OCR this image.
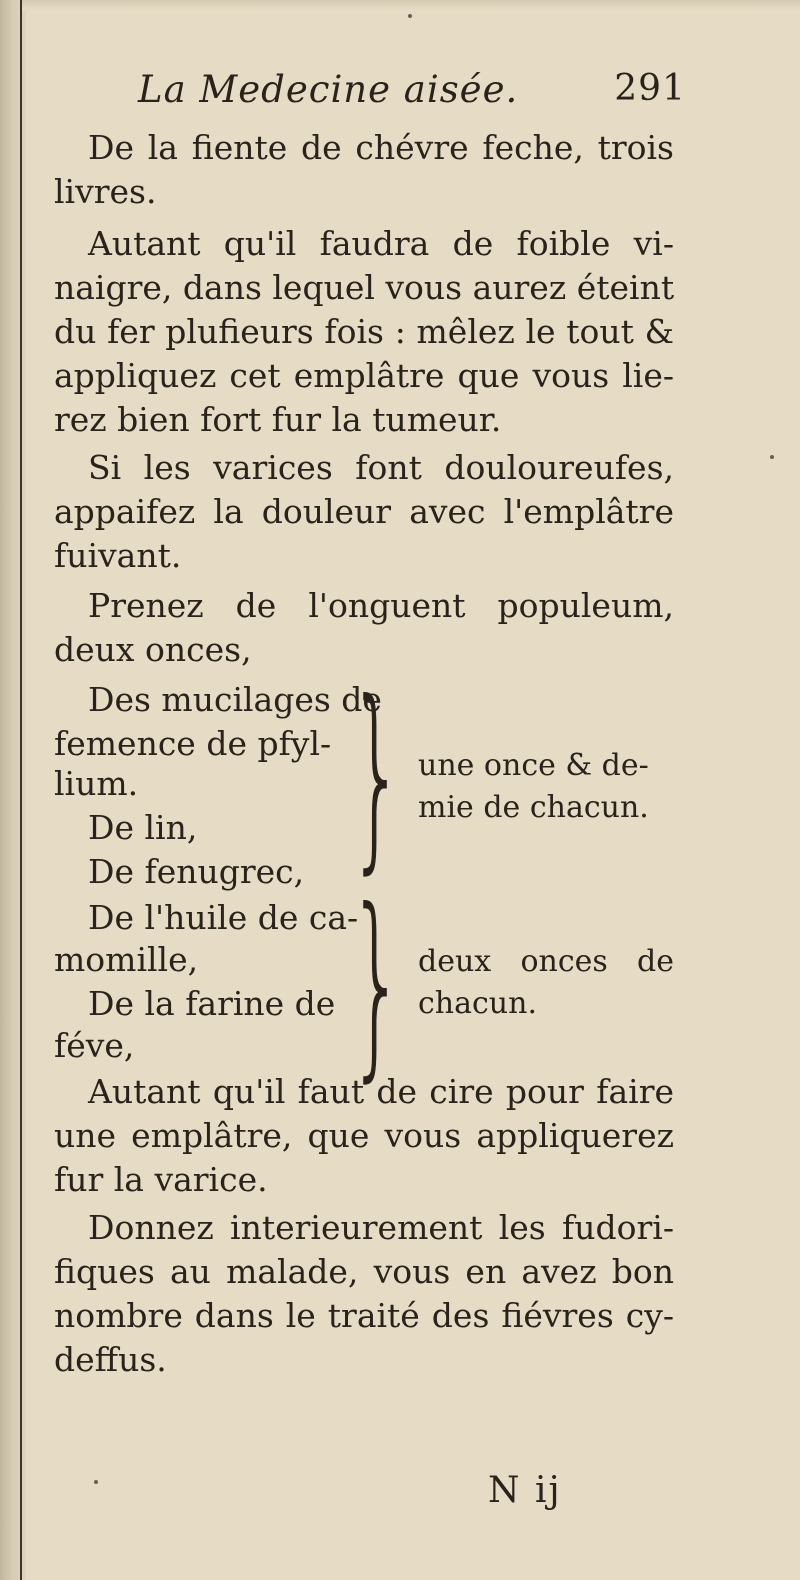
La Medecine aisée.	291
De la fiente de chévre feche, trois
livres.
Autant qu'il faudra de foible vi-
naigre, dans lequel vous aurez éteint
du fer plufieurs fois : mêlez le tout &
appliquez cet emplâtre que vous lie-
rez bien fort fur la tumeur.
Si les varices font douloureufes,
appaifez la douleur avec l'emplâtre
fuivant.
Prenez de l'onguent populeum,
deux onces,
Des mucilages de
femence de pfyl-
lium.
De lin,
De fenugrec, } une once & de-
mie de chacun.
De l'huile de ca-
momille,
De la farine de
féve, } deux onces de
chacun.
Autant qu'il faut de cire pour faire
une emplâtre, que vous appliquerez
fur la varice.
Donnez interieurement les fudori-
fiques au malade, vous en avez bon
nombre dans le traité des fiévres cy-
deffus.
N ij
